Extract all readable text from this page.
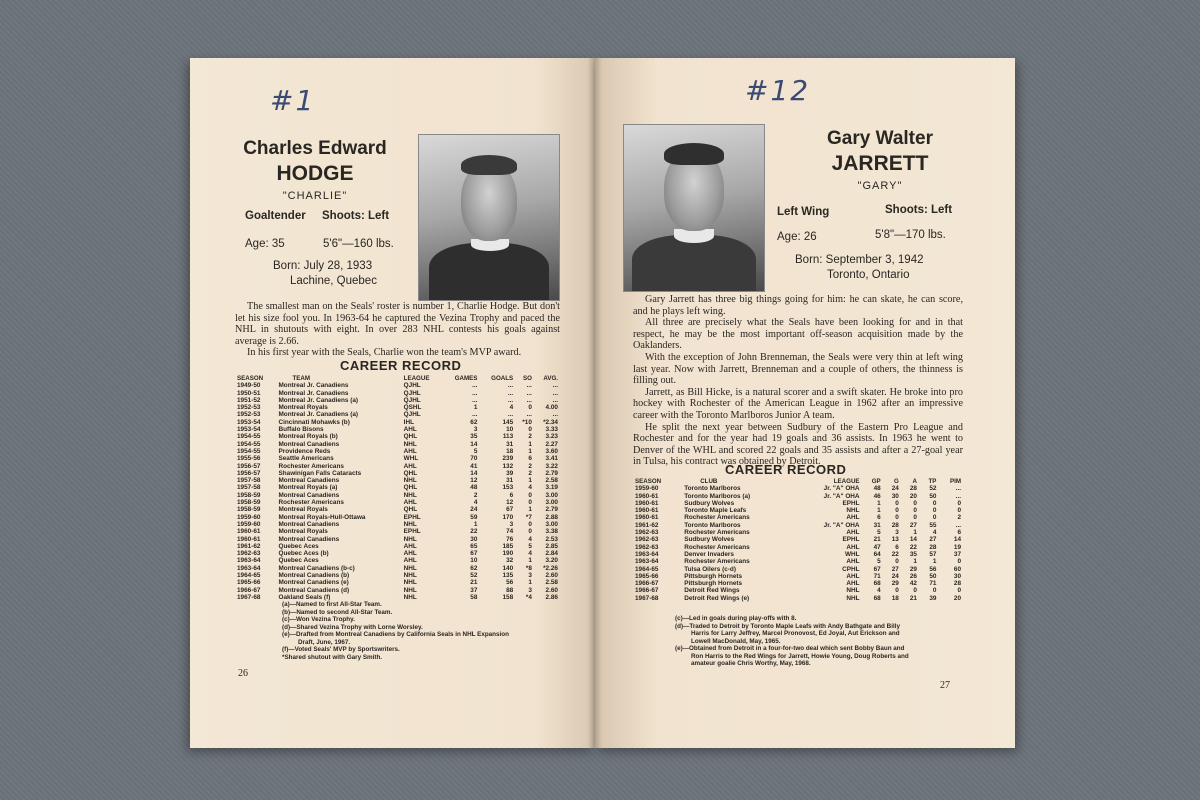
#1
Charles Edward
HODGE
"CHARLIE"
Goaltender Shoots: Left
Age: 35	5'6"—160 lbs.
Born: July 28, 1933
Lachine, Quebec

The smallest man on the Seals' roster is number 1, Charlie Hodge. But don't let his size fool you. In 1963-64 he captured the Vezina Trophy and paced the NHL in shutouts with eight. In over 283 NHL contests his goals against average is 2.66.

In his first year with the Seals, Charlie won the team's MVP award.

CAREER RECORD
SEASON	TEAM	LEAGUE	GAMES	GOALS	SO	AVG.
1949-50	Montreal Jr. Canadiens	QJHL	...	...	...	...
1950-51	Montreal Jr. Canadiens	QJHL	...	...	...	...
1951-52	Montreal Jr. Canadiens (a)	QJHL	...	...	...	...
1952-53	Montreal Royals	QSHL	1	4	0	4.00
1952-53	Montreal Jr. Canadiens (a)	QJHL	...	...	...	...
1953-54	Cincinnati Mohawks (b)	IHL	62	145	*10	*2.34
1953-54	Buffalo Bisons	AHL	3	10	0	3.33
1954-55	Montreal Royals (b)	QHL	35	113	2	3.23
1954-55	Montreal Canadiens	NHL	14	31	1	2.27
1954-55	Providence Reds	AHL	5	18	1	3.60
1955-56	Seattle Americans	WHL	70	239	6	3.41
1956-57	Rochester Americans	AHL	41	132	2	3.22
1956-57	Shawinigan Falls Cataracts	QHL	14	39	2	2.79
1957-58	Montreal Canadiens	NHL	12	31	1	2.58
1957-58	Montreal Royals (a)	QHL	48	153	4	3.19
1958-59	Montreal Canadiens	NHL	2	6	0	3.00
1958-59	Rochester Americans	AHL	4	12	0	3.00
1958-59	Montreal Royals	QHL	24	67	1	2.79
1959-60	Montreal Royals-Hull-Ottawa	EPHL	59	170	*7	2.88
1959-60	Montreal Canadiens	NHL	1	3	0	3.00
1960-61	Montreal Royals	EPHL	22	74	0	3.38
1960-61	Montreal Canadiens	NHL	30	76	4	2.53
1961-62	Quebec Aces	AHL	65	185	5	2.85
1962-63	Quebec Aces (b)	AHL	67	190	4	2.84
1963-64	Quebec Aces	AHL	10	32	1	3.20
1963-64	Montreal Canadiens (b-c)	NHL	62	140	*8	*2.26
1964-65	Montreal Canadiens (b)	NHL	52	135	3	2.60
1965-66	Montreal Canadiens (e)	NHL	21	56	1	2.58
1966-67	Montreal Canadiens (d)	NHL	37	88	3	2.60
1967-68	Oakland Seals (f)	NHL	58	158	*4	2.86
(a)—Named to first All-Star Team.
(b)—Named to second All-Star Team.
(c)—Won Vezina Trophy.
(d)—Shared Vezina Trophy with Lorne Worsley.
(e)—Drafted from Montreal Canadiens by California Seals in NHL Expansion
Draft, June, 1967.
(f)—Voted Seals' MVP by Sportswriters.
*Shared shutout with Gary Smith.
26
#12
Gary Walter
JARRETT
"GARY"
Left Wing	Shoots: Left
Age: 26	5'8"—170 lbs.
Born: September 3, 1942
Toronto, Ontario

Gary Jarrett has three big things going for him: he can skate, he can score, and he plays left wing.

All three are precisely what the Seals have been looking for and in that respect, he may be the most important off-season acquisition made by the Oaklanders.

With the exception of John Brenneman, the Seals were very thin at left wing last year. Now with Jarrett, Brenneman and a couple of others, the thinness is filling out.

Jarrett, as Bill Hicke, is a natural scorer and a swift skater. He broke into pro hockey with Rochester of the American League in 1962 after an impressive career with the Toronto Marlboros Junior A team.

He split the next year between Sudbury of the Eastern Pro League and Rochester and for the year had 19 goals and 36 assists. In 1963 he went to Denver of the WHL and scored 22 goals and 35 assists and after a 27-goal year in Tulsa, his contract was obtained by Detroit.

CAREER RECORD
SEASON	CLUB	LEAGUE	GP	G	A	TP	PIM
1959-60	Toronto Marlboros	Jr. "A" OHA	48	24	28	52	...
1960-61	Toronto Marlboros (a)	Jr. "A" OHA	46	30	20	50	...
1960-61	Sudbury Wolves	EPHL	1	0	0	0	0
1960-61	Toronto Maple Leafs	NHL	1	0	0	0	0
1960-61	Rochester Americans	AHL	6	0	0	0	2
1961-62	Toronto Marlboros	Jr. "A" OHA	31	28	27	55	...
1962-63	Rochester Americans	AHL	5	3	1	4	6
1962-63	Sudbury Wolves	EPHL	21	13	14	27	14
1962-63	Rochester Americans	AHL	47	6	22	28	19
1963-64	Denver Invaders	WHL	64	22	35	57	37
1963-64	Rochester Americans	AHL	5	0	1	1	0
1964-65	Tulsa Oilers (c-d)	CPHL	67	27	29	56	60
1965-66	Pittsburgh Hornets	AHL	71	24	26	50	30
1966-67	Pittsburgh Hornets	AHL	68	29	42	71	28
1966-67	Detroit Red Wings	NHL	4	0	0	0	0
1967-68	Detroit Red Wings (e)	NHL	68	18	21	39	20
(c)—Led in goals during play-offs with 8.
(d)—Traded to Detroit by Toronto Maple Leafs with Andy Bathgate and Billy
Harris for Larry Jeffrey, Marcel Pronovost, Ed Joyal, Aut Erickson and
Lowell MacDonald, May, 1965.
(e)—Obtained from Detroit in a four-for-two deal which sent Bobby Baun and
Ron Harris to the Red Wings for Jarrett, Howie Young, Doug Roberts and
amateur goalie Chris Worthy, May, 1968.
27
